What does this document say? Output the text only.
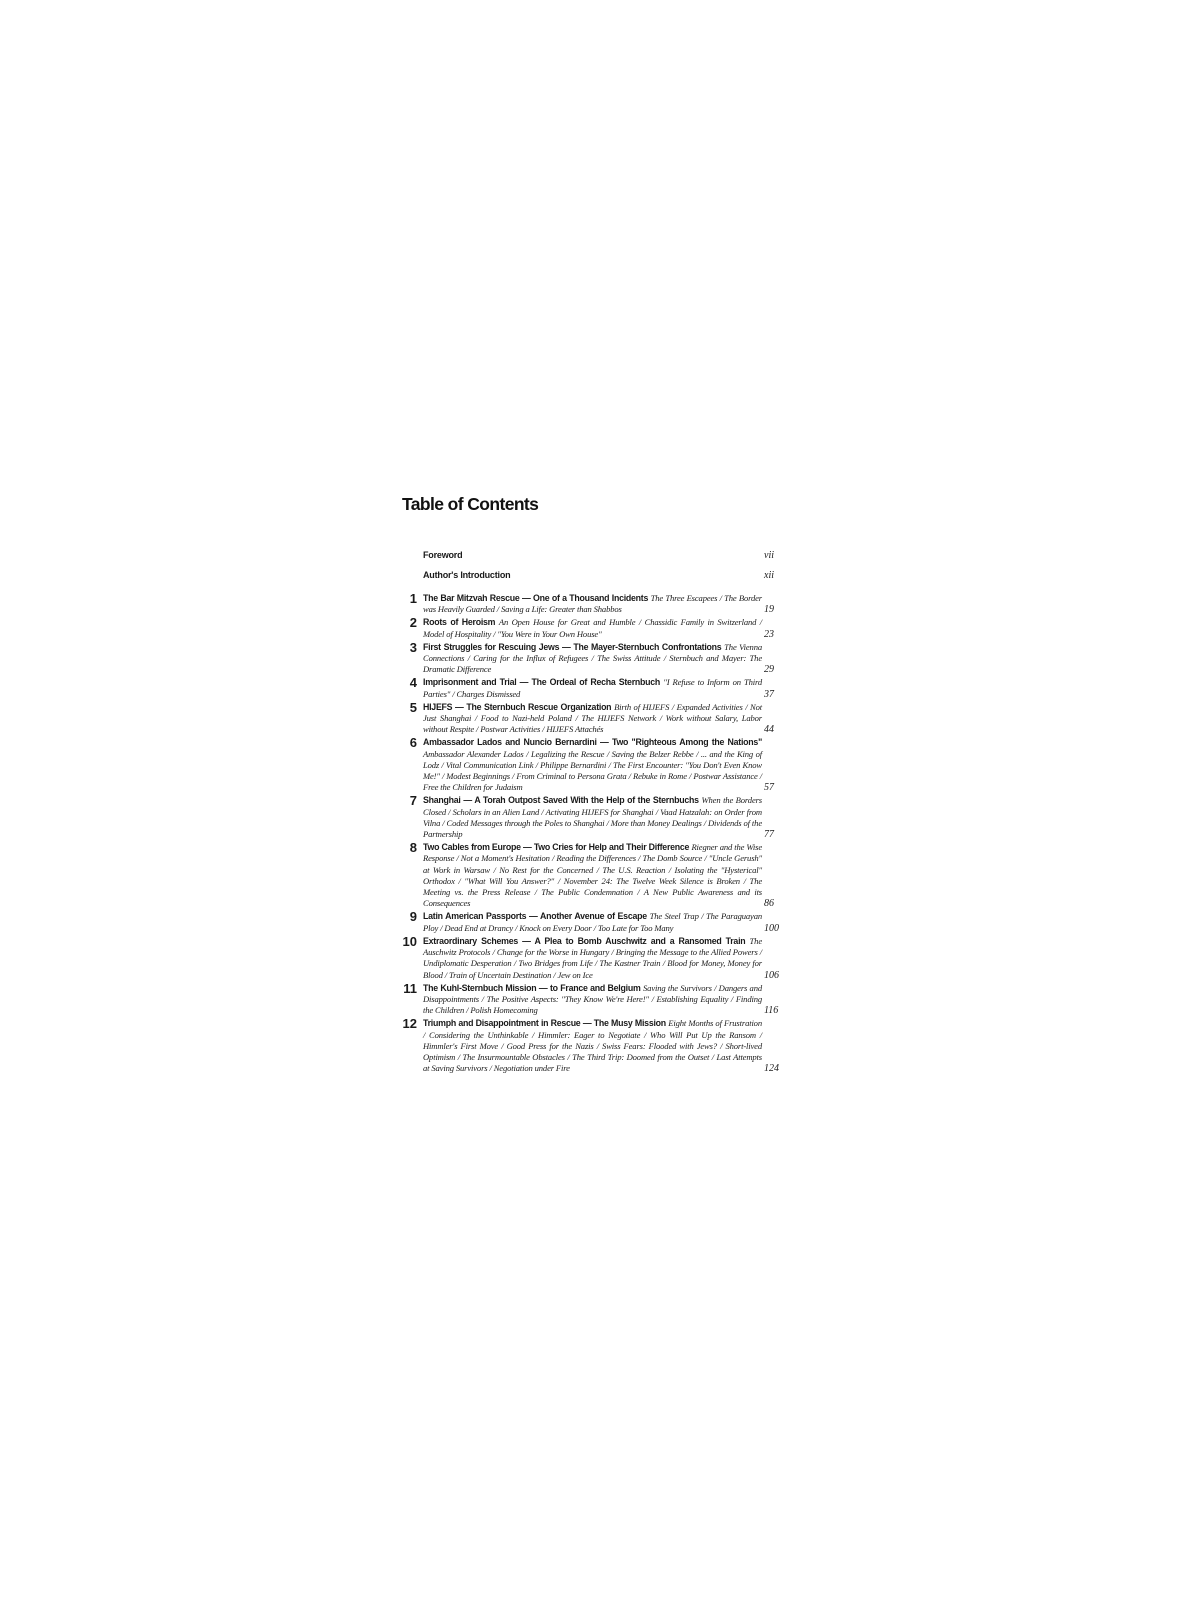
Table of Contents
Foreword	vii
Author's Introduction	xii
1 The Bar Mitzvah Rescue — One of a Thousand Incidents The Three Escapees / The Border was Heavily Guarded / Saving a Life: Greater than Shabbos	19
2 Roots of Heroism An Open House for Great and Humble / Chassidic Family in Switzerland / Model of Hospitality / "You Were in Your Own House"	23
3 First Struggles for Rescuing Jews — The Mayer-Sternbuch Confrontations The Vienna Connections / Caring for the Influx of Refugees / The Swiss Attitude / Sternbuch and Mayer: The Dramatic Difference	29
4 Imprisonment and Trial — The Ordeal of Recha Sternbuch "I Refuse to Inform on Third Parties" / Charges Dismissed	37
5 HIJEFS — The Sternbuch Rescue Organization Birth of HIJEFS / Expanded Activities / Not Just Shanghai / Food to Nazi-held Poland / The HIJEFS Network / Work without Salary, Labor without Respite / Postwar Activities / HIJEFS Attachés	44
6 Ambassador Lados and Nuncio Bernardini — Two "Righteous Among the Nations" Ambassador Alexander Lados / Legalizing the Rescue / Saving the Belzer Rebbe / ... and the King of Lodz / Vital Communication Link / Philippe Bernardini / The First Encounter: "You Don't Even Know Me!" / Modest Beginnings / From Criminal to Persona Grata / Rebuke in Rome / Postwar Assistance / Free the Children for Judaism	57
7 Shanghai — A Torah Outpost Saved With the Help of the Sternbuchs When the Borders Closed / Scholars in an Alien Land / Activating HIJEFS for Shanghai / Vaad Hatzalah: on Order from Vilna / Coded Messages through the Poles to Shanghai / More than Money Dealings / Dividends of the Partnership	77
8 Two Cables from Europe — Two Cries for Help and Their Difference Riegner and the Wise Response / Not a Moment's Hesitation / Reading the Differences / The Domb Source / "Uncle Gerush" at Work in Warsaw / No Rest for the Concerned / The U.S. Reaction / Isolating the "Hysterical" Orthodox / "What Will You Answer?" / November 24: The Twelve Week Silence is Broken / The Meeting vs. the Press Release / The Public Condemnation / A New Public Awareness and its Consequences	86
9 Latin American Passports — Another Avenue of Escape The Steel Trap / The Paraguayan Ploy / Dead End at Drancy / Knock on Every Door / Too Late for Too Many	100
10 Extraordinary Schemes — A Plea to Bomb Auschwitz and a Ransomed Train The Auschwitz Protocols / Change for the Worse in Hungary / Bringing the Message to the Allied Powers / Undiplomatic Desperation / Two Bridges from Life / The Kastner Train / Blood for Money, Money for Blood / Train of Uncertain Destination / Jew on Ice	106
11 The Kuhl-Sternbuch Mission — to France and Belgium Saving the Survivors / Dangers and Disappointments / The Positive Aspects: "They Know We're Here!" / Establishing Equality / Finding the Children / Polish Homecoming	116
12 Triumph and Disappointment in Rescue — The Musy Mission Eight Months of Frustration / Considering the Unthinkable / Himmler: Eager to Negotiate / Who Will Put Up the Ransom / Himmler's First Move / Good Press for the Nazis / Swiss Fears: Flooded with Jews? / Short-lived Optimism / The Insurmountable Obstacles / The Third Trip: Doomed from the Outset / Last Attempts at Saving Survivors / Negotiation under Fire	124
